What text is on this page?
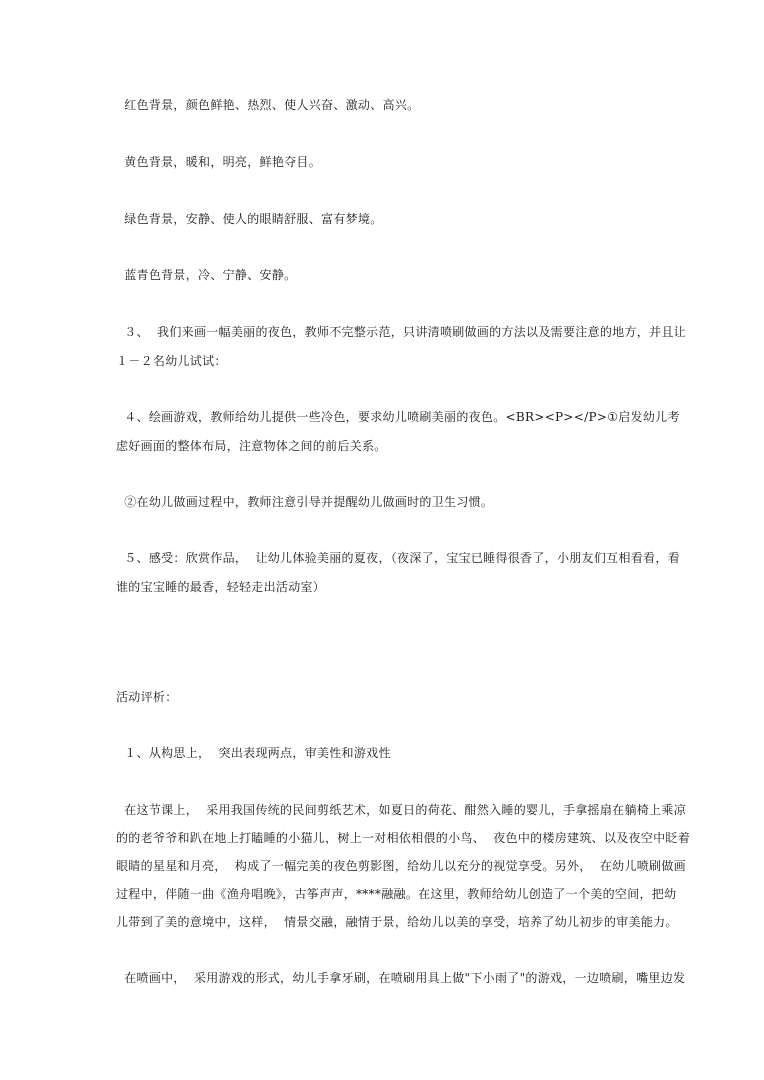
红色背景，颜色鲜艳、热烈、使人兴奋、激动、高兴。
黄色背景，暖和，明亮，鲜艳夺目。
绿色背景，安静、使人的眼睛舒服、富有梦境。
蓝青色背景，冷、宁静、安静。
３、  我们来画一幅美丽的夜色，教师不完整示范，只讲清喷刷做画的方法以及需要注意的地方，并且让
１－２名幼儿试试：
４、绘画游戏，教师给幼儿提供一些冷色，要求幼儿喷刷美丽的夜色。<BR><P></P>①启发幼儿考
虑好画面的整体布局，注意物体之间的前后关系。
②在幼儿做画过程中，教师注意引导并提醒幼儿做画时的卫生习惯。
５、感受：欣赏作品，  让幼儿体验美丽的夏夜，（夜深了，宝宝已睡得很香了，小朋友们互相看看，看
谁的宝宝睡的最香，轻轻走出活动室）
活动评析：
１、从构思上，  突出表现两点，审美性和游戏性
在这节课上，  采用我国传统的民间剪纸艺术，如夏日的荷花、酣然入睡的婴儿，手拿摇扇在躺椅上乘凉
的的老爷爷和趴在地上打瞌睡的小猫儿，树上一对相依相偎的小鸟、  夜色中的楼房建筑、以及夜空中眨着
眼睛的星星和月亮，  构成了一幅完美的夜色剪影图，给幼儿以充分的视觉享受。另外，  在幼儿喷刷做画
过程中，伴随一曲《渔舟唱晚》，古筝声声，****融融。在这里，教师给幼儿创造了一个美的空间，把幼
儿带到了美的意境中，这样，  情景交融，融情于景，给幼儿以美的享受，培养了幼儿初步的审美能力。
在喷画中，  采用游戏的形式，幼儿手拿牙刷，在喷刷用具上做"下小雨了"的游戏，一边喷刷，嘴里边发
